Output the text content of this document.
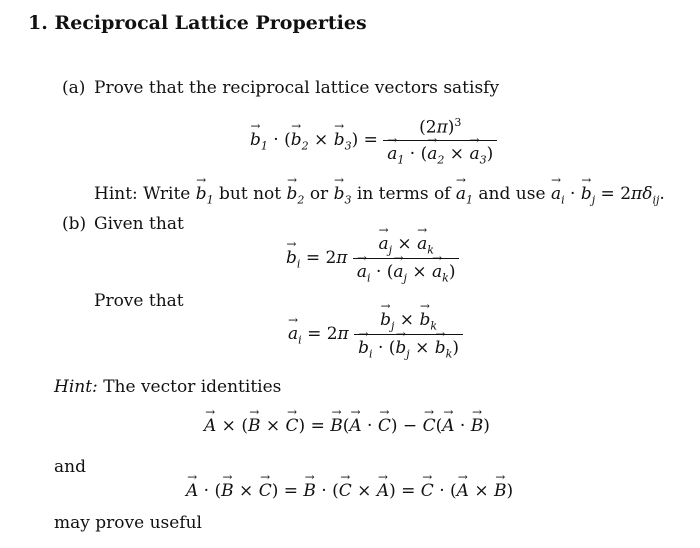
1. Reciprocal Lattice Properties
(a) Prove that the reciprocal lattice vectors satisfy
→ $b_1$ · (→ $b_2$ × → $b_3) = (2\pi)^3$
→ $a_1$ · (→ $a_2$ × → $a_3$)
Hint: Write → $b_1$ but not → $b_2$ or → $b_3$ in terms of → $a_1$ and use → $a_i$ · → $b_j = 2\pi\delta_{ij}$.
(b) Given that
→ $b_i = 2\pi$
→ $a_j$ × → $a_k$
→ $a_i$ · (→ $a_j$ × → $a_k$)
Prove that
→ $a_i = 2\pi$
→ $b_j$ × → $b_k$
→ $b_i$ · (→ $b_j$ × → $b_k$)
Hint: The vector identities
→ A × (→ B × → C) = → B(→ A · → C) − → C(→ A · → B)
and
→ A · (→ B × → C) = → B · (→ C × → A) = → C · (→ A × → B)
may prove useful
